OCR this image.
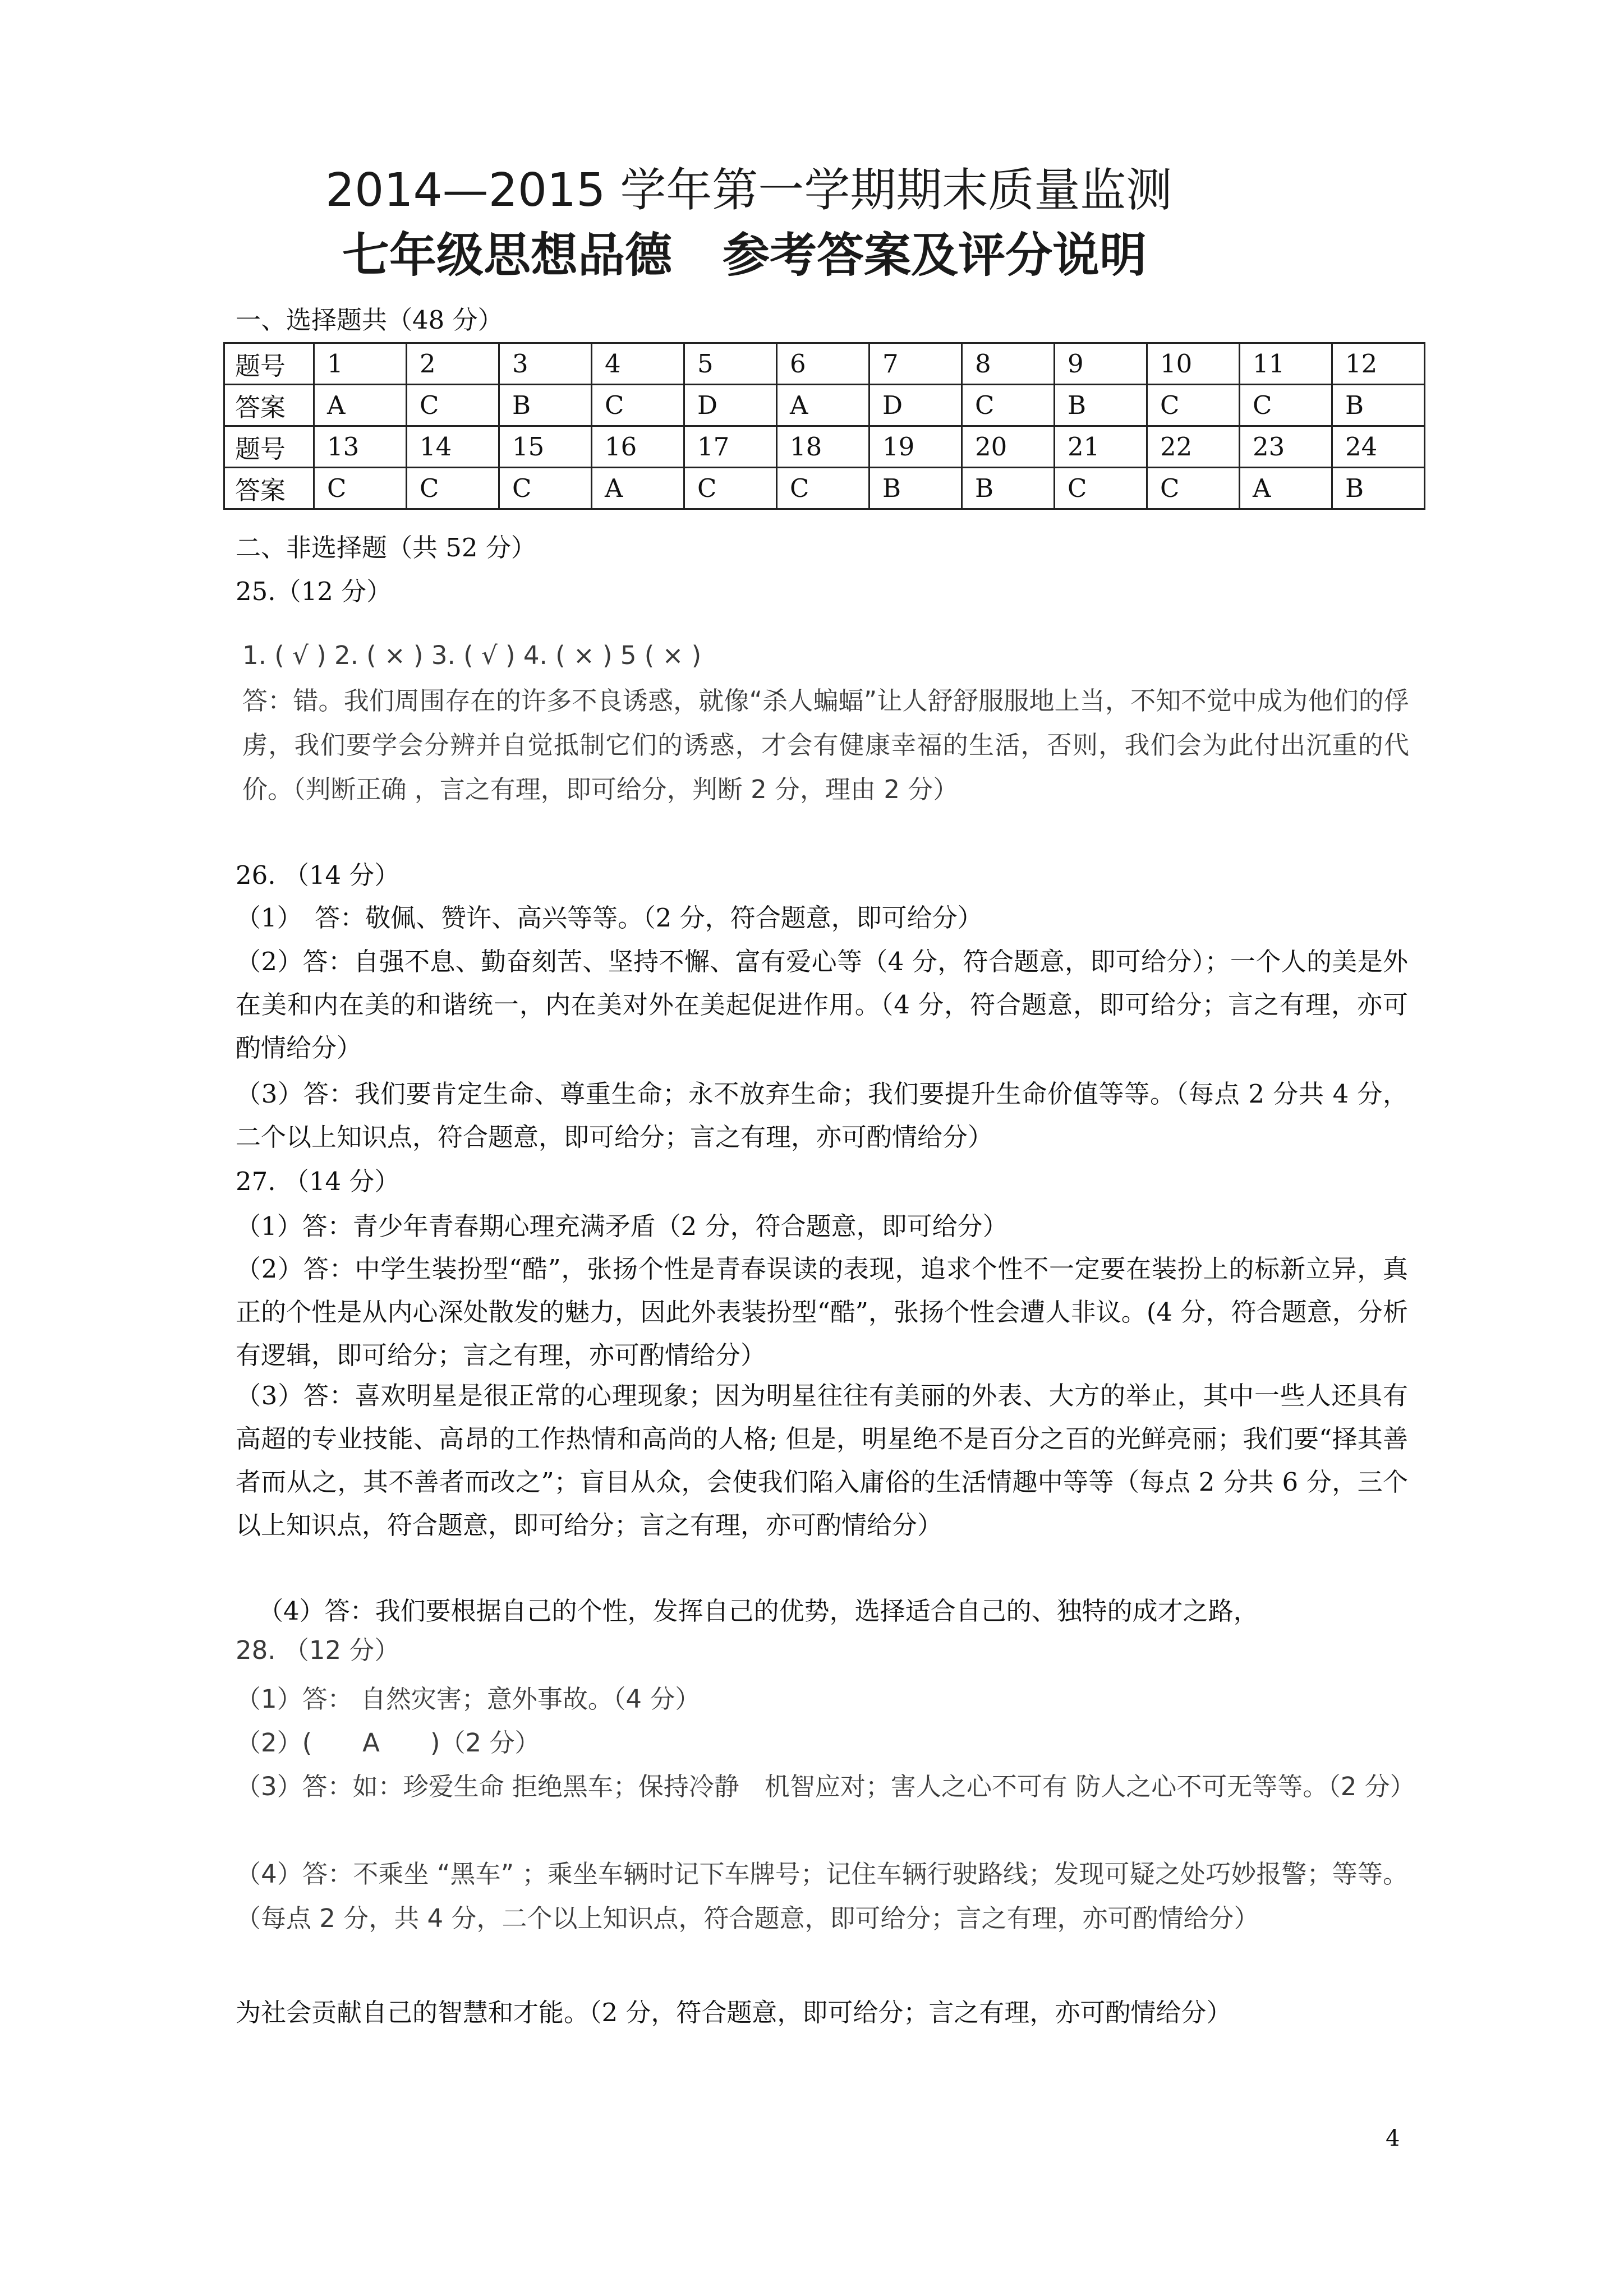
2014—2015 学年第一学期期末质量监测
七年级思想品德 参考答案及评分说明
一、选择题共（48 分）
题号	1	2	3	4	5	6	7	8	9	10	11	12
答案	A	C	B	C	D	A	D	C	B	C	C	B
题号	13	14	15	16	17	18	19	20	21	22	23	24
答案	C	C	C	A	C	C	B	B	C	C	A	B
二、非选择题（共 52 分）
25.（12 分）
1. ( √ ) 2. ( × ) 3. ( √ ) 4. ( × ) 5 ( × )
答：错。我们周围存在的许多不良诱惑，就像“杀人蝙蝠”让人舒舒服服地上当，不知不觉中成为他们的俘虏，我们要学会分辨并自觉抵制它们的诱惑，才会有健康幸福的生活，否则，我们会为此付出沉重的代价。（判断正确 ，言之有理，即可给分，判断 2 分，理由 2 分）
26. （14 分）
（1）　答：敬佩、赞许、高兴等等。（2 分，符合题意，即可给分）
（2）答：自强不息、勤奋刻苦、坚持不懈、富有爱心等（4 分，符合题意，即可给分）；一个人的美是外在美和内在美的和谐统一，内在美对外在美起促进作用。（4 分，符合题意，即可给分；言之有理，亦可酌情给分）
（3）答：我们要肯定生命、尊重生命；永不放弃生命；我们要提升生命价值等等。（每点 2 分共 4 分，二个以上知识点，符合题意，即可给分；言之有理，亦可酌情给分）
27. （14 分）
（1）答：青少年青春期心理充满矛盾（2 分，符合题意，即可给分）
（2）答：中学生装扮型“酷”，张扬个性是青春误读的表现，追求个性不一定要在装扮上的标新立异，真正的个性是从内心深处散发的魅力，因此外表装扮型“酷”，张扬个性会遭人非议。(4 分，符合题意，分析有逻辑，即可给分；言之有理，亦可酌情给分）
（3）答：喜欢明星是很正常的心理现象；因为明星往往有美丽的外表、大方的举止，其中一些人还具有高超的专业技能、高昂的工作热情和高尚的人格; 但是，明星绝不是百分之百的光鲜亮丽；我们要“择其善者而从之，其不善者而改之”；盲目从众，会使我们陷入庸俗的生活情趣中等等（每点 2 分共 6 分，三个以上知识点，符合题意，即可给分；言之有理，亦可酌情给分）
（4）答：我们要根据自己的个性，发挥自己的优势，选择适合自己的、独特的成才之路，
28. （12 分）
（1）答： 自然灾害；意外事故。（4 分）
（2）(　　A　　)（2 分）
（3）答：如：珍爱生命 拒绝黑车；保持冷静　机智应对；害人之心不可有 防人之心不可无等等。（2 分）
（4）答：不乘坐 “黑车” ；乘坐车辆时记下车牌号；记住车辆行驶路线；发现可疑之处巧妙报警；等等。（每点 2 分，共 4 分，二个以上知识点，符合题意，即可给分；言之有理，亦可酌情给分）
为社会贡献自己的智慧和才能。（2 分，符合题意，即可给分；言之有理，亦可酌情给分）
4
